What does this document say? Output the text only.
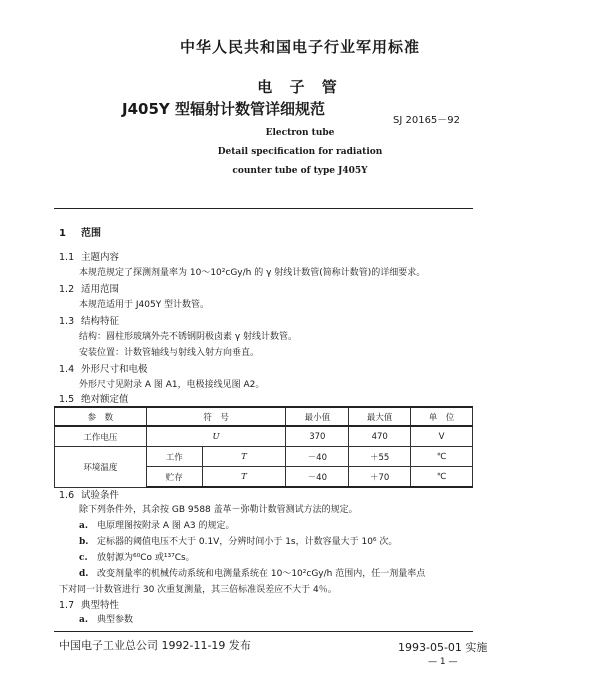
中华人民共和国电子行业军用标准
电 子 管
J405Y 型辐射计数管详细规范
SJ 20165－92
Electron tube
Detail specification for radiation
counter tube of type J405Y
1 范围
1.1 主题内容
本规范规定了探测剂量率为 10～10²cGy/h 的 γ 射线计数管(简称计数管)的详细要求。
1.2 适用范围
本规范适用于 J405Y 型计数管。
1.3 结构特征
结构：圆柱形玻璃外壳不锈钢阴极卤素 γ 射线计数管。
安装位置：计数管轴线与射线入射方向垂直。
1.4 外形尺寸和电极
外形尺寸见附录 A 图 A1，电极接线见图 A2。
1.5 绝对额定值
参　数	符　号		最小值	最大值	单　位
工作电压	U		370	470	V
环境温度	工作	T	－40	＋55	℃
	贮存	T	－40	＋70	℃
1.6 试验条件
除下列条件外，其余按 GB 9588 盖革－弥勒计数管测试方法的规定。
a. 电原理图按附录 A 图 A3 的规定。
b. 定标器的阈值电压不大于 0.1V，分辨时间小于 1s，计数容量大于 10⁶ 次。
c. 放射源为⁶⁰Co 或¹³⁷Cs。
d. 改变剂量率的机械传动系统和电测量系统在 10～10²cGy/h 范围内，任一剂量率点
下对同一计数管进行 30 次重复测量，其三倍标准误差应不大于 4％。
1.7 典型特性
a. 典型参数
中国电子工业总公司 1992-11-19 发布	1993-05-01 实施
— 1 —
